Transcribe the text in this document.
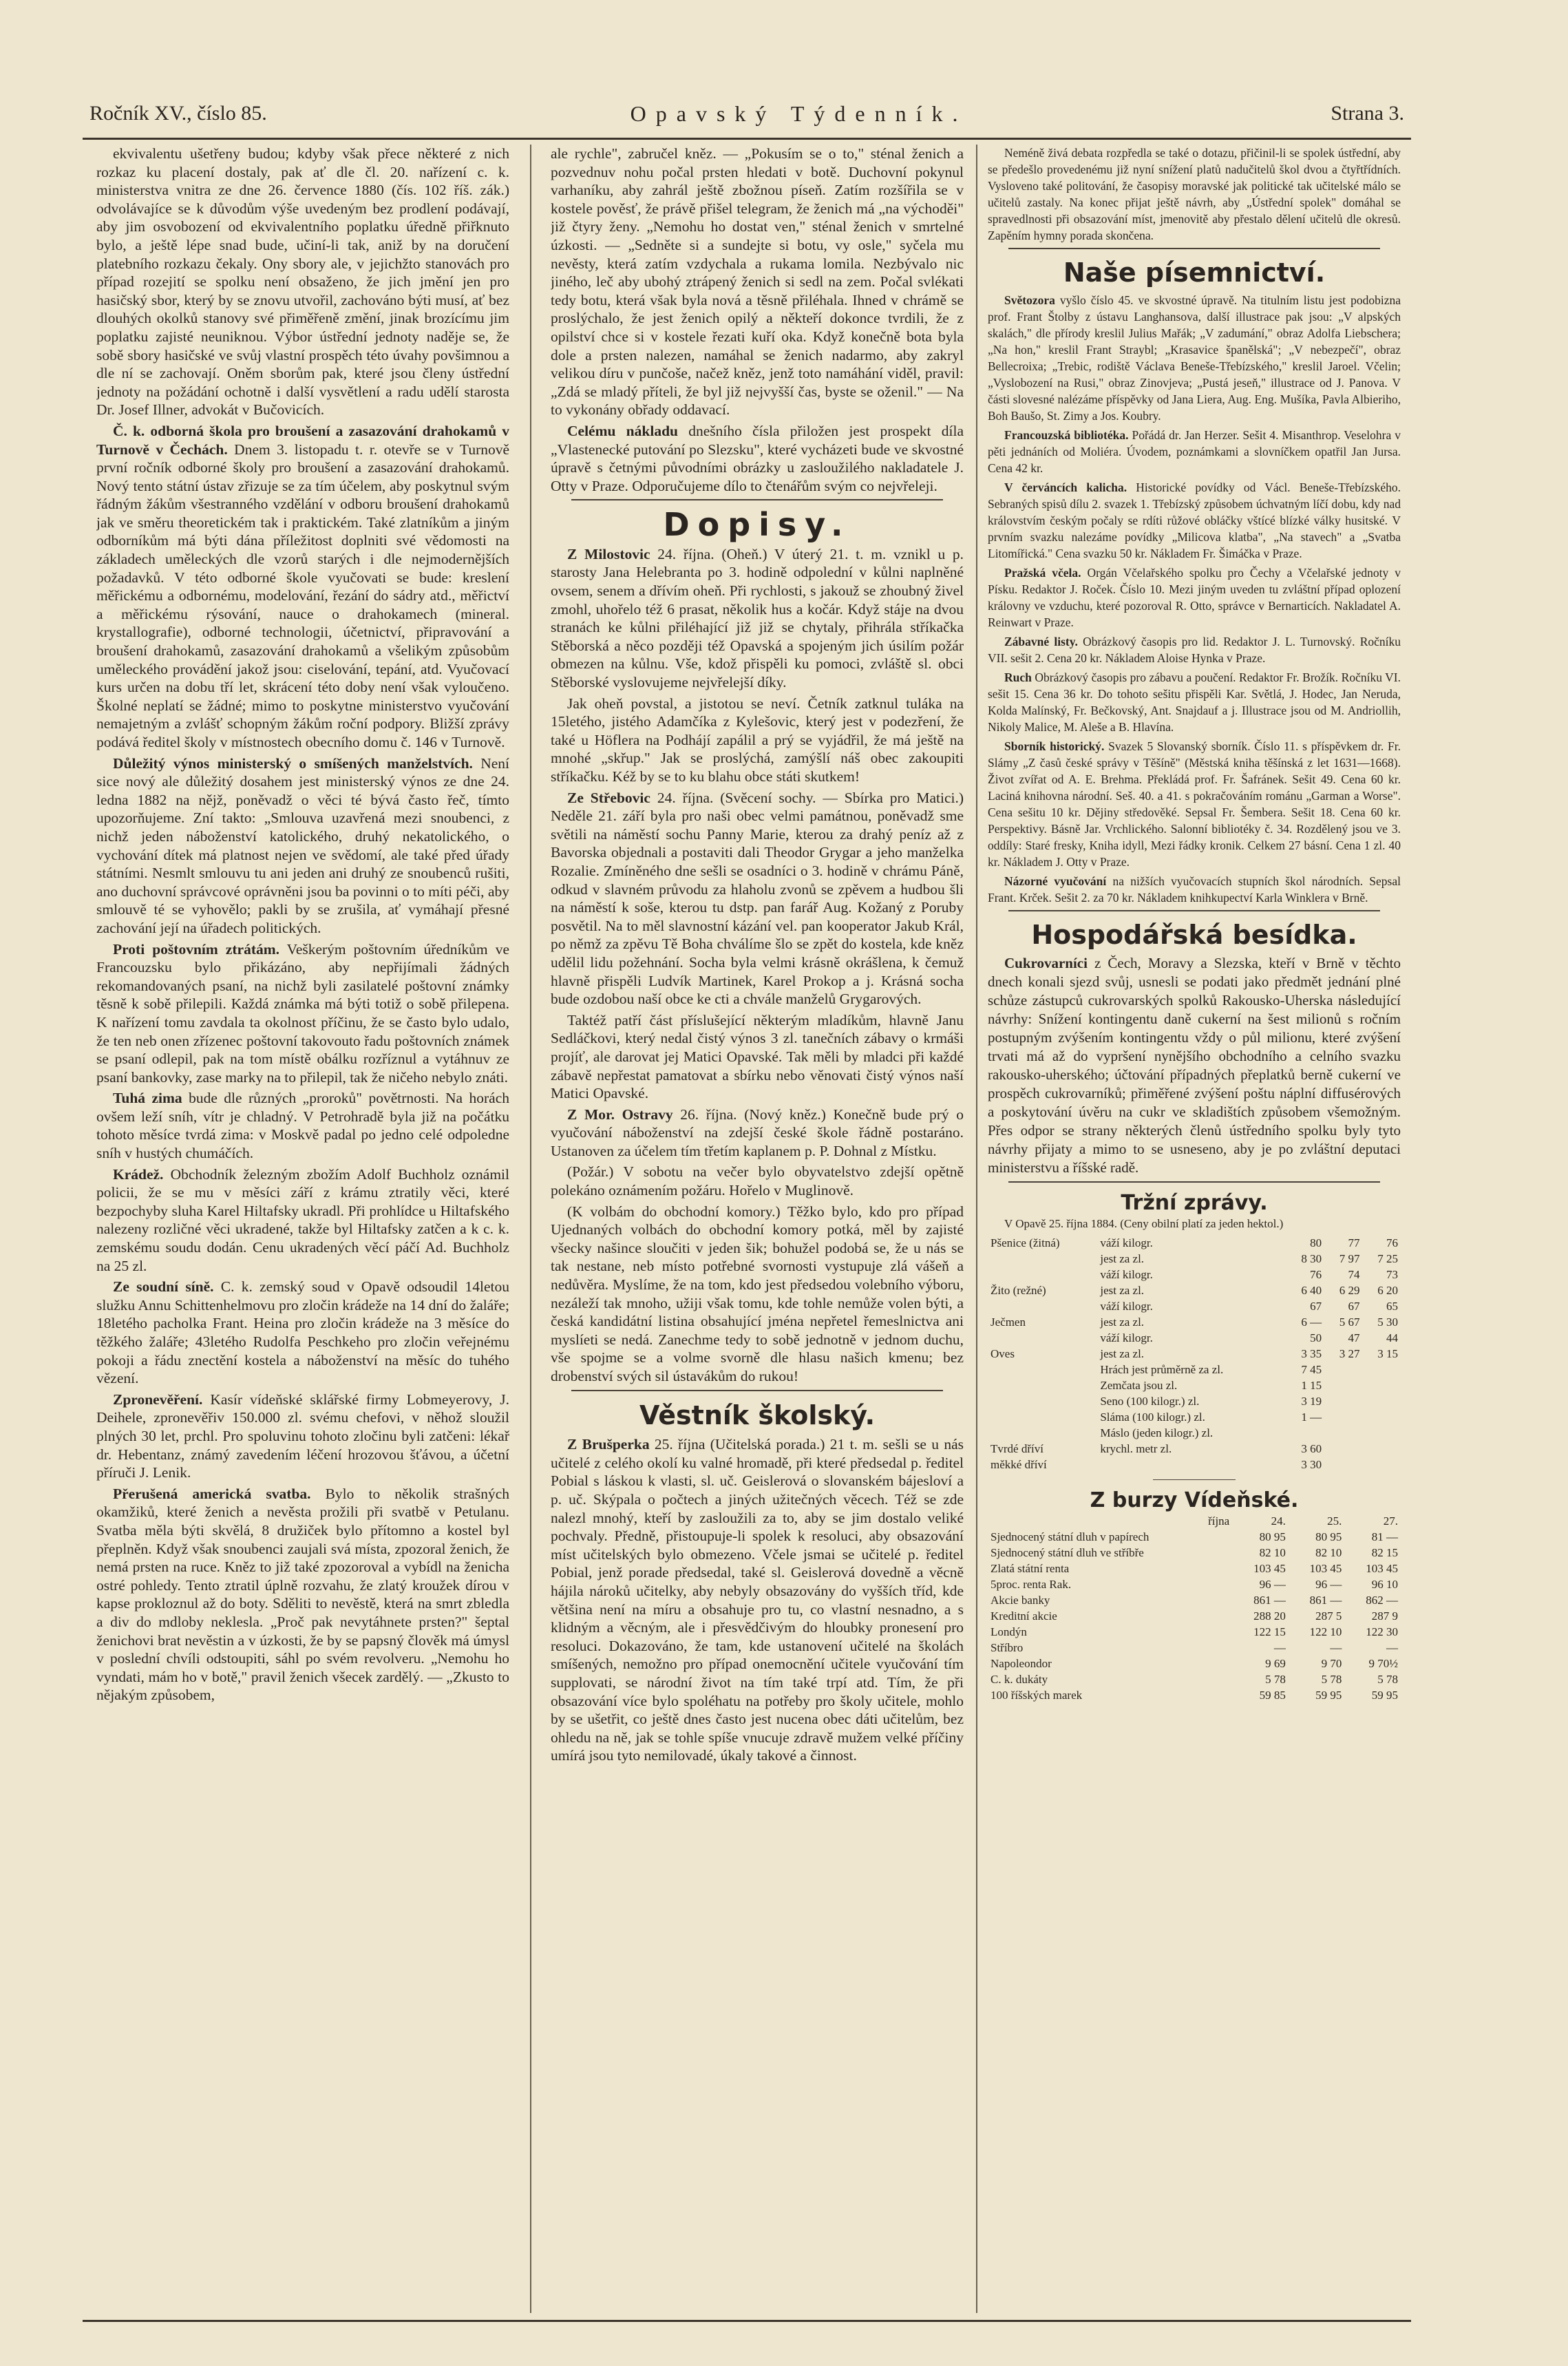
Ročník XV., číslo 85.	Opavský Týdenník.	Strana 3.

ekvivalentu ušetřeny budou; kdyby však přece některé z nich rozkaz ku placení dostaly, pak ať dle čl. 20. nařízení c. k. ministerstva vnitra ze dne 26. července 1880 (čís. 102 říš. zák.) odvolávajíce se k důvodům výše uvedeným bez prodlení podávají, aby jim osvobození od ekvivalentního poplatku úředně přiřknuto bylo, a ještě lépe snad bude, učiní-li tak, aniž by na doručení platebního rozkazu čekaly. Ony sbory ale, v jejichžto stanovách pro případ rozejití se spolku není obsaženo, že jich jmění jen pro hasičský sbor, který by se znovu utvořil, zachováno býti musí, ať bez dlouhých okolků stanovy své přiměřeně změní, jinak brozícímu jim poplatku zajisté neuniknou. Výbor ústřední jednoty naděje se, že sobě sbory hasičské ve svůj vlastní prospěch této úvahy povšimnou a dle ní se zachovají. Oněm sborům pak, které jsou členy ústřední jednoty na požádání ochotně i další vysvětlení a radu udělí starosta Dr. Josef Illner, advokát v Bučovicích.

Č. k. odborná škola pro broušení a zasazování drahokamů v Turnově v Čechách. Dnem 3. listopadu t. r. otevře se v Turnově první ročník odborné školy pro broušení a zasazování drahokamů. Nový tento státní ústav zřizuje se za tím účelem, aby poskytnul svým řádným žákům všestranného vzdělání v odboru broušení drahokamů jak ve směru theoretickém tak i praktickém. Také zlatníkům a jiným odborníkům má býti dána příležitost doplniti své vědomosti na základech uměleckých dle vzorů starých i dle nejmodernějších požadavků. V této odborné škole vyučovati se bude: kreslení měřickému a odbornému, modelování, řezání do sádry atd., měřictví a měřickému rýsování, nauce o drahokamech (mineral. krystallografie), odborné technologii, účetnictví, připravování a broušení drahokamů, zasazování drahokamů a všelikým způsobům uměleckého provádění jakož jsou: ciselování, tepání, atd. Vyučovací kurs určen na dobu tří let, skrácení této doby není však vyloučeno. Školné neplatí se žádné; mimo to poskytne ministerstvo vyučování nemajetným a zvlášť schopným žákům roční podpory. Bližší zprávy podává ředitel školy v místnostech obecního domu č. 146 v Turnově.

Důležitý výnos ministerský o smíšených manželstvích. Není sice nový ale důležitý dosahem jest ministerský výnos ze dne 24. ledna 1882 na nějž, poněvadž o věci té bývá často řeč, tímto upozorňujeme. Zní takto: „Smlouva uzavřená mezi snoubenci, z nichž jeden náboženství katolického, druhý nekatolického, o vychování dítek má platnost nejen ve svědomí, ale také před úřady státními. Nesmlt smlouvu tu ani jeden ani druhý ze snoubenců rušiti, ano duchovní správcové oprávněni jsou ba povinni o to míti péči, aby smlouvě té se vyhovělo; pakli by se zrušila, ať vymáhají přesné zachování její na úřadech politických.

Proti poštovním ztrátám. Veškerým poštovním úředníkům ve Francouzsku bylo přikázáno, aby nepřijímali žádných rekomandovaných psaní, na nichž byli zasilatelé poštovní známky těsně k sobě přilepili. Každá známka má býti totiž o sobě přilepena. K nařízení tomu zavdala ta okolnost příčinu, že se často bylo udalo, že ten neb onen zřízenec poštovní takovouto řadu poštovních známek se psaní odlepil, pak na tom místě obálku rozříznul a vytáhnuv ze psaní bankovky, zase marky na to přilepil, tak že ničeho nebylo znáti.

Tuhá zima bude dle různých „proroků" povětrnosti. Na horách ovšem leží sníh, vítr je chladný. V Petrohradě byla již na počátku tohoto měsíce tvrdá zima: v Moskvě padal po jedno celé odpoledne sníh v hustých chumáčích.

Krádež. Obchodník železným zbožím Adolf Buchholz oznámil policii, že se mu v měsíci září z krámu ztratily věci, které bezpochyby sluha Karel Hiltafsky ukradl. Při prohlídce u Hiltafského nalezeny rozličné věci ukradené, takže byl Hiltafsky zatčen a k c. k. zemskému soudu dodán. Cenu ukradených věcí páčí Ad. Buchholz na 25 zl.

Ze soudní síně. C. k. zemský soud v Opavě odsoudil 14letou služku Annu Schittenhelmovu pro zločin krádeže na 14 dní do žaláře; 18letého pacholka Frant. Heina pro zločin krádeže na 3 měsíce do těžkého žaláře; 43letého Rudolfa Peschkeho pro zločin veřejnému pokoji a řádu znectění kostela a náboženství na měsíc do tuhého vězení.

Zpronevěření. Kasír vídeňské sklářské firmy Lobmeyerovy, J. Deihele, zpronevěřiv 150.000 zl. svému chefovi, v něhož sloužil plných 30 let, prchl. Pro spoluvinu tohoto zločinu byli zatčeni: lékař dr. Hebentanz, známý zavedením léčení hrozovou šťávou, a účetní příruči J. Lenik.

Přerušená americká svatba. Bylo to několik strašných okamžiků, které ženich a nevěsta prožili při svatbě v Petulanu. Svatba měla býti skvělá, 8 družiček bylo přítomno a kostel byl přeplněn. Když však snoubenci zaujali svá místa, zpozoral ženich, že nemá prsten na ruce. Kněz to již také zpozoroval a vybídl na ženicha ostré pohledy. Tento ztratil úplně rozvahu, že zlatý kroužek dírou v kapse prokloznul až do boty. Sděliti to nevěstě, která na smrt zbledla a div do mdloby neklesla. „Proč pak nevytáhnete prsten?" šeptal ženichovi brat nevěstin a v úzkosti, že by se papsný člověk má úmysl v poslední chvíli odstoupiti, sáhl po svém revolveru. „Nemohu ho vyndati, mám ho v botě," pravil ženich všecek zardělý. — „Zkusto to nějakým způsobem,

ale rychle", zabručel kněz. — „Pokusím se o to," sténal ženich a pozvednuv nohu počal prsten hledati v botě. Duchovní pokynul varhaníku, aby zahrál ještě zbožnou píseň. Zatím rozšířila se v kostele pověsť, že právě přišel telegram, že ženich má „na východěi" již čtyry ženy. „Nemohu ho dostat ven," sténal ženich v smrtelné úzkosti. — „Sedněte si a sundejte si botu, vy osle," syčela mu nevěsty, která zatím vzdychala a rukama lomila. Nezbývalo nic jiného, leč aby ubohý ztrápený ženich si sedl na zem. Počal svlékati tedy botu, která však byla nová a těsně přiléhala. Ihned v chrámě se proslýchalo, že jest ženich opilý a někteří dokonce tvrdili, že z opilství chce si v kostele řezati kuří oka. Když konečně bota byla dole a prsten nalezen, namáhal se ženich nadarmo, aby zakryl velikou díru v punčoše, načež kněz, jenž toto namáhání viděl, pravil: „Zdá se mladý příteli, že byl již nejvyšší čas, byste se oženil." — Na to vykonány obřady oddavací.

Celému nákladu dnešního čísla přiložen jest prospekt díla „Vlastenecké putování po Slezsku", které vycházeti bude ve skvostné úpravě s četnými původními obrázky u zasloužilého nakladatele J. Otty v Praze. Odporučujeme dílo to čtenářům svým co nejvřeleji.

Dopisy.

Z Milostovic 24. října. (Oheň.) V úterý 21. t. m. vznikl u p. starosty Jana Helebranta po 3. hodině odpolední v kůlni naplněné ovsem, senem a dřívím oheň. Při rychlosti, s jakouž se zhoubný živel zmohl, uhořelo též 6 prasat, několik hus a kočár. Když stáje na dvou stranách ke kůlni přiléhající již již se chytaly, přihrála stříkačka Stěborská a něco později též Opavská a spojeným jich úsilím požár obmezen na kůlnu. Vše, kdož přispěli ku pomoci, zvláště sl. obci Stěborské vyslovujeme nejvřelejší díky.

Jak oheň povstal, a jistotou se neví. Četník zatknul tuláka na 15letého, jistého Adamčíka z Kylešovic, který jest v podezření, že také u Höflera na Podhájí zapálil a prý se vyjádřil, že má ještě na mnohé „skřup." Jak se proslýchá, zamýšlí náš obec zakoupiti stříkačku. Kéž by se to ku blahu obce státi skutkem!

Ze Střebovic 24. října. (Svěcení sochy. — Sbírka pro Matici.) Neděle 21. září byla pro naši obec velmi památnou, poněvadž sme světili na náměstí sochu Panny Marie, kterou za drahý peníz až z Bavorska objednali a postaviti dali Theodor Grygar a jeho manželka Rozalie. Zmíněného dne sešli se osadníci o 3. hodině v chrámu Páně, odkud v slavném průvodu za hlaholu zvonů se zpěvem a hudbou šli na náměstí k soše, kterou tu dstp. pan farář Aug. Kožaný z Poruby posvětil. Na to měl slavnostní kázání vel. pan kooperator Jakub Král, po němž za zpěvu Tě Boha chválíme šlo se zpět do kostela, kde kněz udělil lidu požehnání. Socha byla velmi krásně okrášlena, k čemuž hlavně přispěli Ludvík Martinek, Karel Prokop a j. Krásná socha bude ozdobou naší obce ke cti a chvále manželů Grygarových.

Taktéž patří část příslušející některým mladíkům, hlavně Janu Sedláčkovi, který nedal čistý výnos 3 zl. tanečních zábavy o krmáši projíť, ale darovat jej Matici Opavské. Tak měli by mladci při každé zábavě nepřestat pamatovat a sbírku nebo věnovati čistý výnos naší Matici Opavské.

Z Mor. Ostravy 26. října. (Nový kněz.) Konečně bude prý o vyučování náboženství na zdejší české škole řádně postaráno. Ustanoven za účelem tím třetím kaplanem p. P. Dohnal z Místku.

(Požár.) V sobotu na večer bylo obyvatelstvo zdejší opětně polekáno oznámením požáru. Hořelo v Muglinově.

(K volbám do obchodní komory.) Těžko bylo, kdo pro případ Ujednaných volbách do obchodní komory potká, měl by zajisté všecky našince sloučiti v jeden šik; bohužel podobá se, že u nás se tak nestane, neb místo potřebné svornosti vystupuje zlá vášeň a nedůvěra. Myslíme, že na tom, kdo jest předsedou volebního výboru, nezáleží tak mnoho, užiji však tomu, kde tohle nemůže volen býti, a česká kandidátní listina obsahující jména nepřetel řemeslnictva ani myslíeti se nedá. Zanechme tedy to sobě jednotně v jednom duchu, vše spojme se a volme svorně dle hlasu našich kmenu; bez drobenství svých sil ústavákům do rukou!

Věstník školský.

Z Brušperka 25. října (Učitelská porada.) 21 t. m. sešli se u nás učitelé z celého okolí ku valné hromadě, při které předsedal p. ředitel Pobial s láskou k vlasti, sl. uč. Geislerová o slovanském bájesloví a p. uč. Skýpala o počtech a jiných užitečných věcech. Též se zde nalezl mnohý, kteří by zasloužili za to, aby se jim dostalo veliké pochvaly. Předně, přistoupuje-li spolek k resoluci, aby obsazování míst učitelských bylo obmezeno. Včele jsmai se učitelé p. ředitel Pobial, jenž porade předsedal, také sl. Geislerová dovedně a věcně hájila nároků učitelky, aby nebyly obsazovány do vyšších tříd, kde většina není na míru a obsahuje pro tu, co vlastní nesnadno, a s klidným a věcným, ale i přesvědčivým do hloubky pronesení pro resoluci. Dokazováno, že tam, kde ustanovení učitelé na školách smíšených, nemožno pro případ onemocnění učitele vyučování tím supplovati, se národní život na tím také trpí atd. Tím, že při obsazování více bylo spoléhatu na potřeby pro školy učitele, mohlo by se ušetřit, co ještě dnes často jest nucena obec dáti učitelům, bez ohledu na ně, jak se tohle spíše vnucuje zdravě mužem velké příčiny umírá jsou tyto nemilovadé, úkaly takové a činnost.

Neméně živá debata rozpředla se také o dotazu, přičinil-li se spolek ústřední, aby se předešlo provedenému již nyní snížení platů nadučitelů škol dvou a čtyřtřídních. Vysloveno také politování, že časopisy moravské jak politické tak učitelské málo se učitelů zastaly. Na konec přijat ještě návrh, aby „Ústřední spolek" domáhal se spravedlnosti při obsazování míst, jmenovitě aby přestalo dělení učitelů dle okresů. Zapěním hymny porada skončena.

Naše písemnictví.

Světozora vyšlo číslo 45. ve skvostné úpravě. Na titulním listu jest podobizna prof. Frant Štolby z ústavu Langhansova, další illustrace pak jsou: „V alpských skalách," dle přírody kreslil Julius Mařák; „V zadumání," obraz Adolfa Liebschera; „Na hon," kreslil Frant Straybl; „Krasavice španělská"; „V nebezpečí", obraz Bellecroixa; „Trebic, rodiště Václava Beneše-Třebízského," kreslil Jaroel. Včelin; „Vyslobození na Rusi," obraz Zinovjeva; „Pustá jeseň," illustrace od J. Panova. V části slovesné nalézáme příspěvky od Jana Liera, Aug. Eng. Mušíka, Pavla Albieriho, Boh Baušo, St. Zimy a Jos. Koubry.

Francouzská bibliotéka. Pořádá dr. Jan Herzer. Sešit 4. Misanthrop. Veselohra v pěti jednáních od Moliéra. Úvodem, poznámkami a slovníčkem opatřil Jan Jursa. Cena 42 kr.

V červáncích kalicha. Historické povídky od Václ. Beneše-Třebízského. Sebraných spisů dílu 2. svazek 1. Třebízský způsobem úchvatným líčí dobu, kdy nad královstvím českým počaly se rdíti růžové obláčky vštícé blízké války husitské. V prvním svazku nalezáme povídky „Milicova klatba", „Na stavech" a „Svatba Litomířická." Cena svazku 50 kr. Nákladem Fr. Šimáčka v Praze.

Pražská včela. Orgán Včelařského spolku pro Čechy a Včelařské jednoty v Písku. Redaktor J. Roček. Číslo 10. Mezi jiným uveden tu zvláštní případ oplození královny ve vzduchu, které pozoroval R. Otto, správce v Bernarticích. Nakladatel A. Reinwart v Praze.

Zábavné listy. Obrázkový časopis pro lid. Redaktor J. L. Turnovský. Ročníku VII. sešit 2. Cena 20 kr. Nákladem Aloise Hynka v Praze.

Ruch Obrázkový časopis pro zábavu a poučení. Redaktor Fr. Brožík. Ročníku VI. sešit 15. Cena 36 kr. Do tohoto sešitu přispěli Kar. Světlá, J. Hodec, Jan Neruda, Kolda Malínský, Fr. Bečkovský, Ant. Snajdauf a j. Illustrace jsou od M. Andriollih, Nikoly Malice, M. Aleše a B. Hlavína.

Sborník historický. Svazek 5 Slovanský sborník. Číslo 11. s příspěvkem dr. Fr. Slámy „Z časů české správy v Těšíně" (Městská kniha těšínská z let 1631—1668). Život zvířat od A. E. Brehma. Překládá prof. Fr. Šafránek. Sešit 49. Cena 60 kr. Laciná knihovna národní. Seš. 40. a 41. s pokračováním románu „Garman a Worse". Cena sešitu 10 kr. Dějiny středověké. Sepsal Fr. Šembera. Sešit 18. Cena 60 kr. Perspektivy. Básně Jar. Vrchlického. Salonní bibliotéky č. 34. Rozdělený jsou ve 3. oddíly: Staré fresky, Kniha idyll, Mezi řádky kronik. Celkem 27 básní. Cena 1 zl. 40 kr. Nákladem J. Otty v Praze.

Názorné vyučování na nižších vyučovacích stupních škol národních. Sepsal Frant. Krček. Sešit 2. za 70 kr. Nákladem knihkupectví Karla Winklera v Brně.

Hospodářská besídka.

Cukrovarníci z Čech, Moravy a Slezska, kteří v Brně v těchto dnech konali sjezd svůj, usnesli se podati jako předmět jednání plné schůze zástupců cukrovarských spolků Rakousko-Uherska následující návrhy: Snížení kontingentu daně cukerní na šest milionů s ročním postupným zvýšením kontingentu vždy o půl milionu, které zvýšení trvati má až do vypršení nynějšího obchodního a celního svazku rakousko-uherského; účtování případných přeplatků berně cukerní ve prospěch cukrovarníků; přiměřené zvýšení poštu náplní diffusérových a poskytování úvěru na cukr ve skladištích způsobem všemožným. Přes odpor se strany některých členů ústředního spolku byly tyto návrhy přijaty a mimo to se usneseno, aby je po zvláštní deputaci ministerstvu a říšské radě.

Tržní zprávy.

V Opavě 25. října 1884. (Ceny obilní platí za jeden hektol.)

Pšenice (žitná)	váží kilogr.	80	77	76
	jest za zl.	8 30	7 97	7 25
	váží kilogr.	76	74	73
Žito (režné)	jest za zl.	6 40	6 29	6 20
	váží kilogr.	67	67	65
Ječmen	jest za zl.	6 —	5 67	5 30
	váží kilogr.	50	47	44
Oves	jest za zl.	3 35	3 27	3 15
	Hrách jest průměrně za zl.	7 45		
	Zemčata jsou zl.	1 15		
	Seno (100 kilogr.) zl.	3 19		
	Sláma (100 kilogr.) zl.	1 —		
	Máslo (jeden kilogr.) zl.			
Tvrdé dříví	krychl. metr zl.	3 60		
měkké dříví		3 30		
Z burzy Vídeňské.
října	24.	25.	27.
Sjednocený státní dluh v papírech	80 95	80 95	81 —
Sjednocený státní dluh ve stříbře	82 10	82 10	82 15
Zlatá státní renta	103 45	103 45	103 45
5proc. renta Rak.	96 —	96 —	96 10
Akcie banky	861 —	861 —	862 —
Kreditní akcie	288 20	287 5	287 9
Londýn	122 15	122 10	122 30
Stříbro	—	—	—
Napoleondor	9 69	9 70	9 70½
C. k. dukáty	5 78	5 78	5 78
100 říšských marek	59 85	59 95	59 95
